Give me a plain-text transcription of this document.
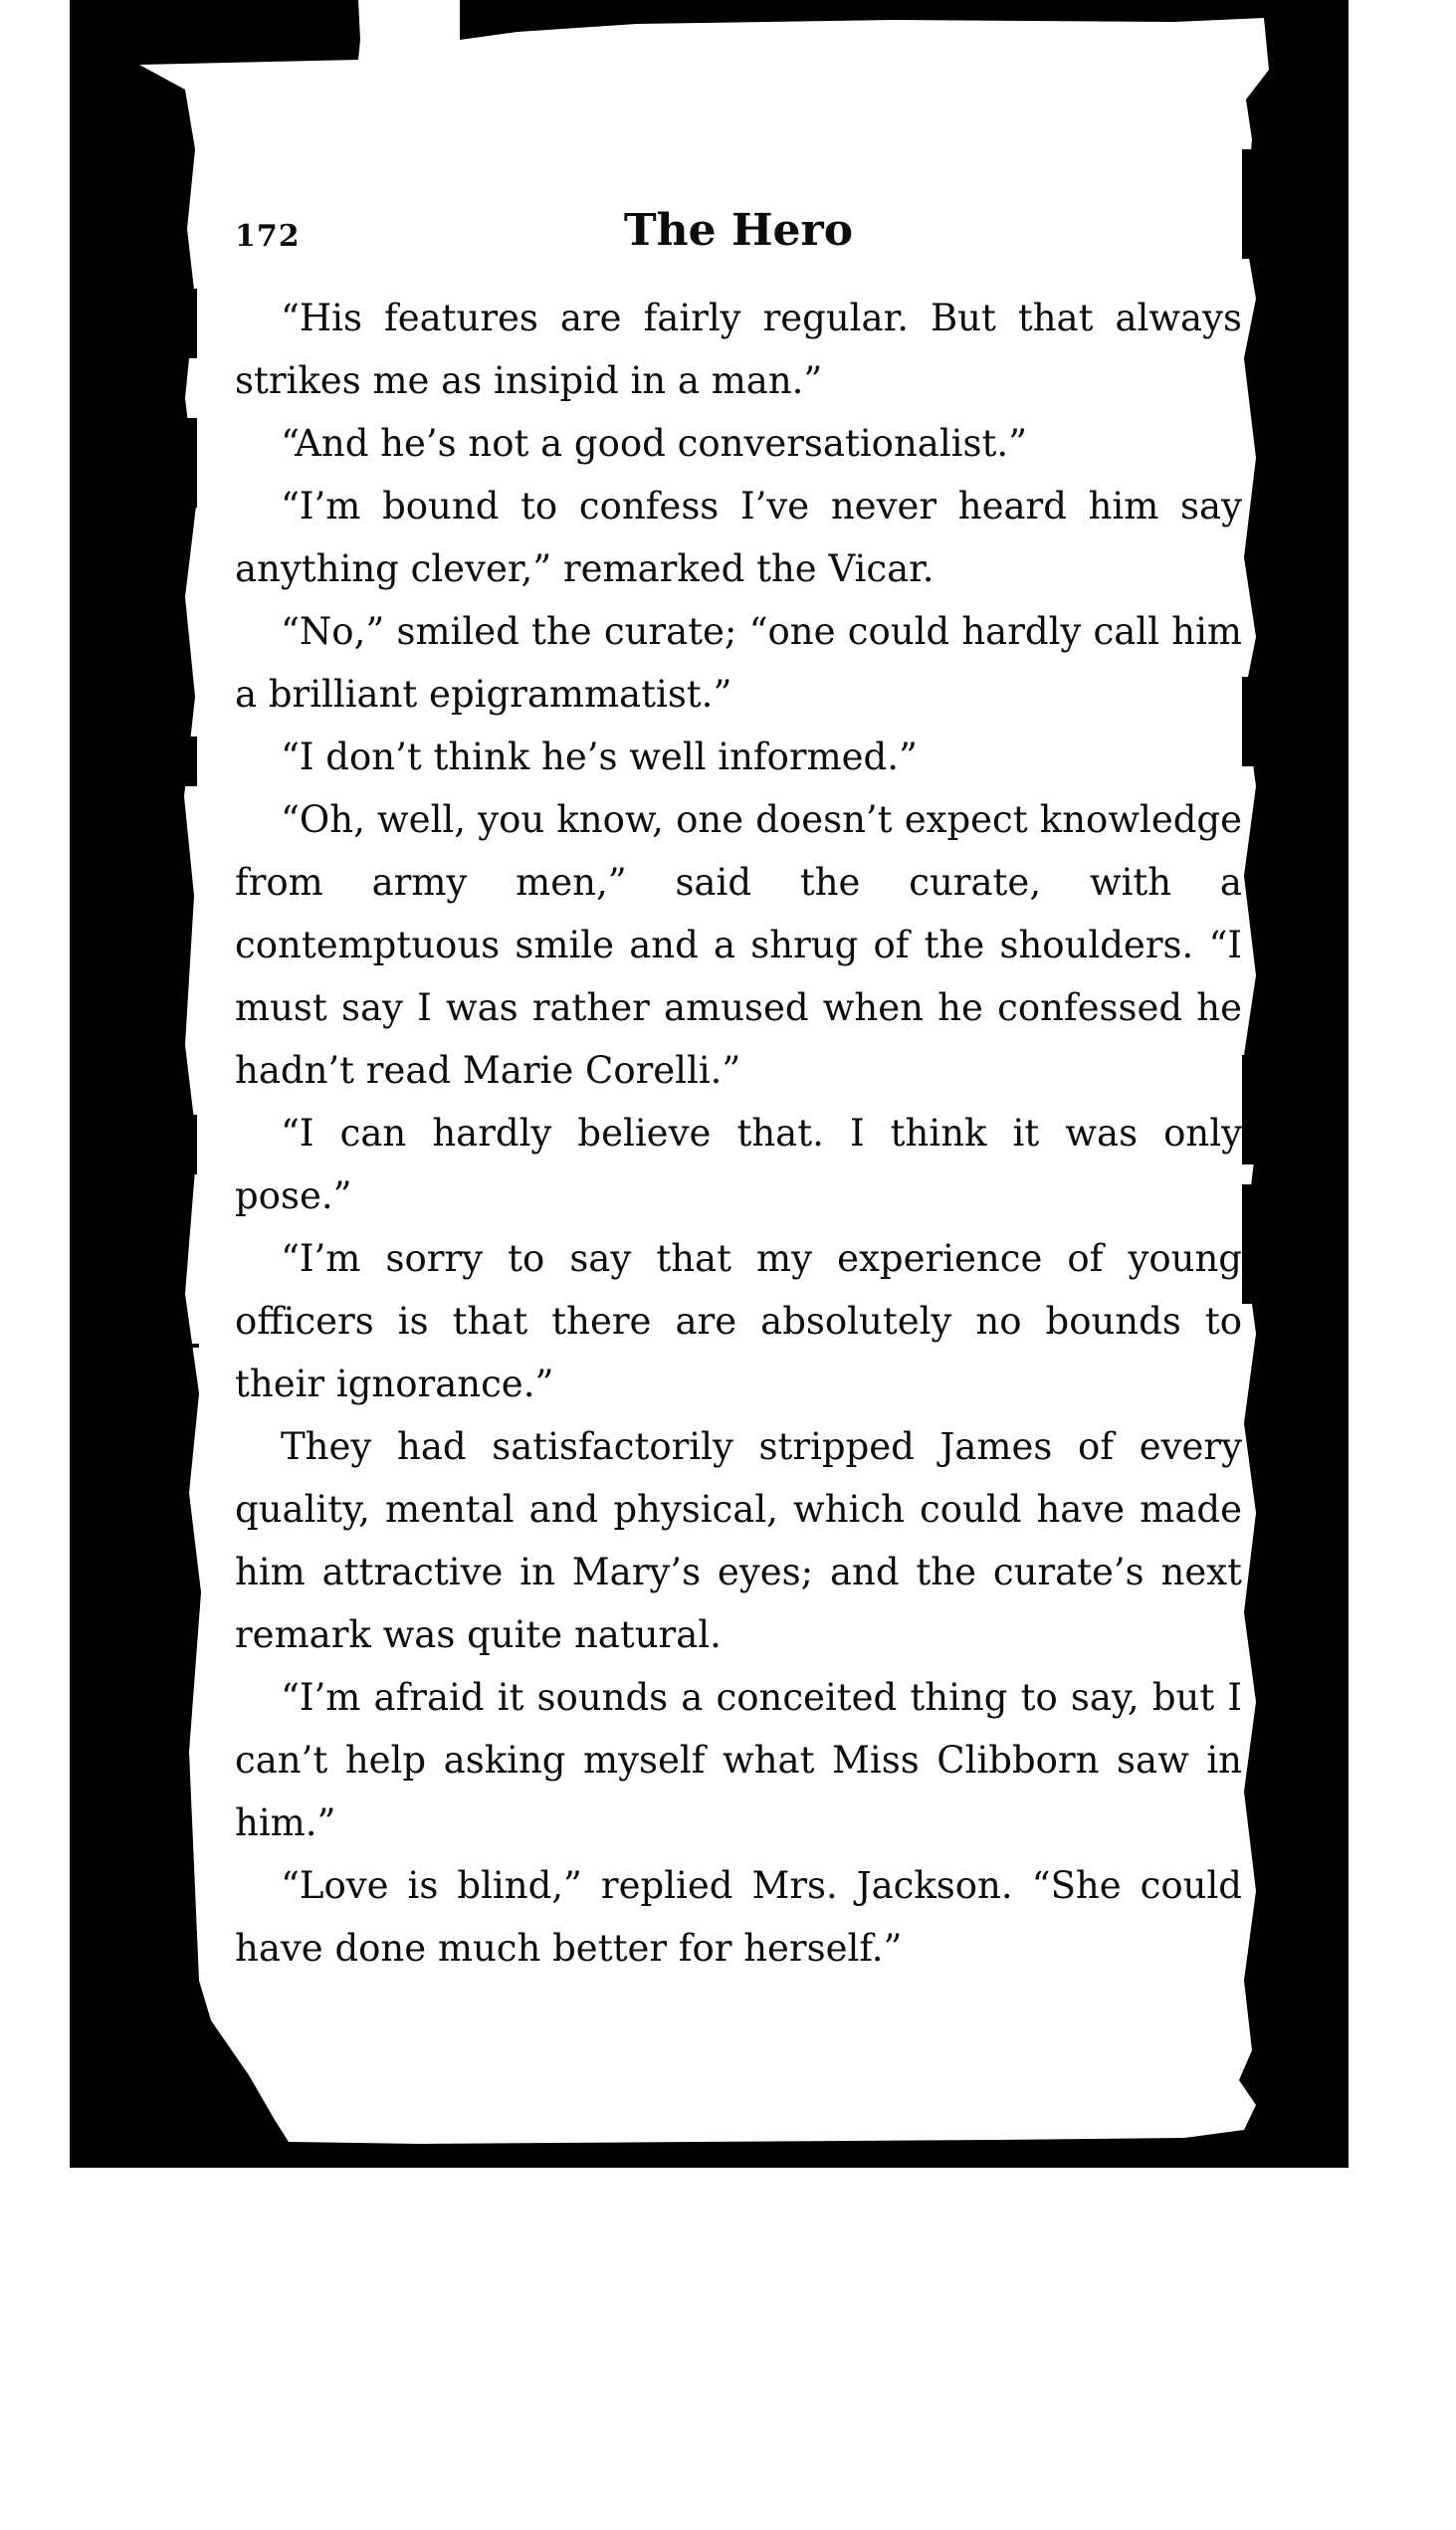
172	The Hero

“His features are fairly regular. But that always strikes me as insipid in a man.”

“And he’s not a good conversationalist.”

“I’m bound to confess I’ve never heard him say anything clever,” remarked the Vicar.

“No,” smiled the curate; “one could hardly call him a brilliant epigrammatist.”

“I don’t think he’s well informed.”

“Oh, well, you know, one doesn’t expect knowledge from army men,” said the curate, with a contemptuous smile and a shrug of the shoulders. “I must say I was rather amused when he confessed he hadn’t read Marie Corelli.”

“I can hardly believe that. I think it was only pose.”

“I’m sorry to say that my experience of young officers is that there are absolutely no bounds to their ignorance.”

They had satisfactorily stripped James of every quality, mental and physical, which could have made him attractive in Mary’s eyes; and the curate’s next remark was quite natural.

“I’m afraid it sounds a conceited thing to say, but I can’t help asking myself what Miss Clibborn saw in him.”

“Love is blind,” replied Mrs. Jackson. “She could have done much better for herself.”
